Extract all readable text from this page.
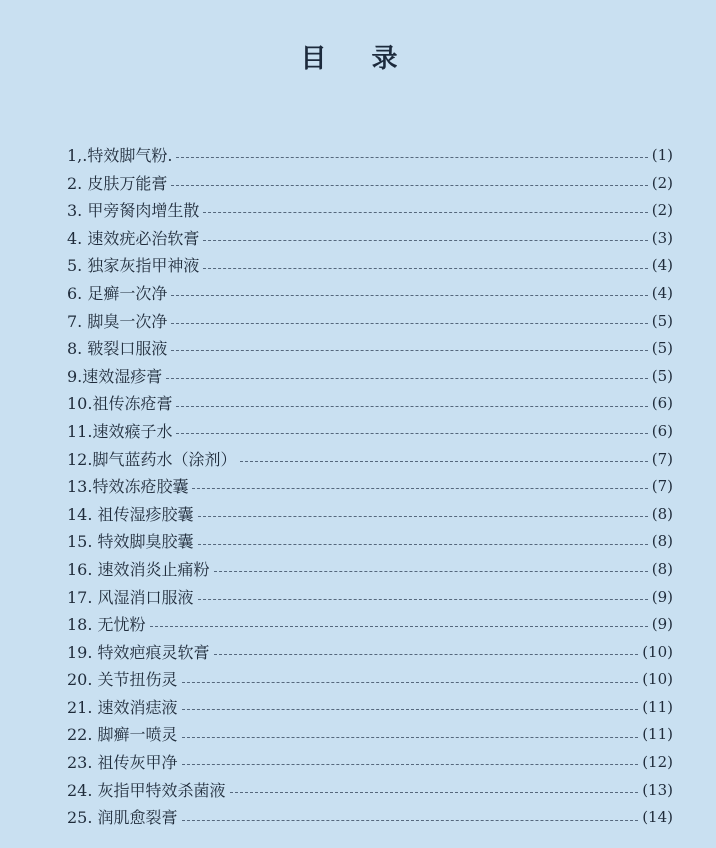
目 录
1,.特效脚气粉.	(1)
2. 皮肤万能膏	(2)
3. 甲旁胬肉增生散	(2)
4. 速效疣必治软膏	(3)
5. 独家灰指甲神液	(4)
6. 足癣一次净	(4)
7. 脚臭一次净	(5)
8. 皲裂口服液	(5)
9.速效湿疹膏	(5)
10.祖传冻疮膏	(6)
11.速效瘊子水	(6)
12.脚气蓝药水（涂剂）	(7)
13.特效冻疮胶囊	(7)
14. 祖传湿疹胶囊	(8)
15. 特效脚臭胶囊	(8)
16. 速效消炎止痛粉	(8)
17. 风湿消口服液	(9)
18. 无忧粉	(9)
19. 特效疤痕灵软膏	(10)
20. 关节扭伤灵	(10)
21. 速效消痣液	(11)
22. 脚癣一喷灵	(11)
23. 祖传灰甲净	(12)
24. 灰指甲特效杀菌液	(13)
25. 润肌愈裂膏	(14)
